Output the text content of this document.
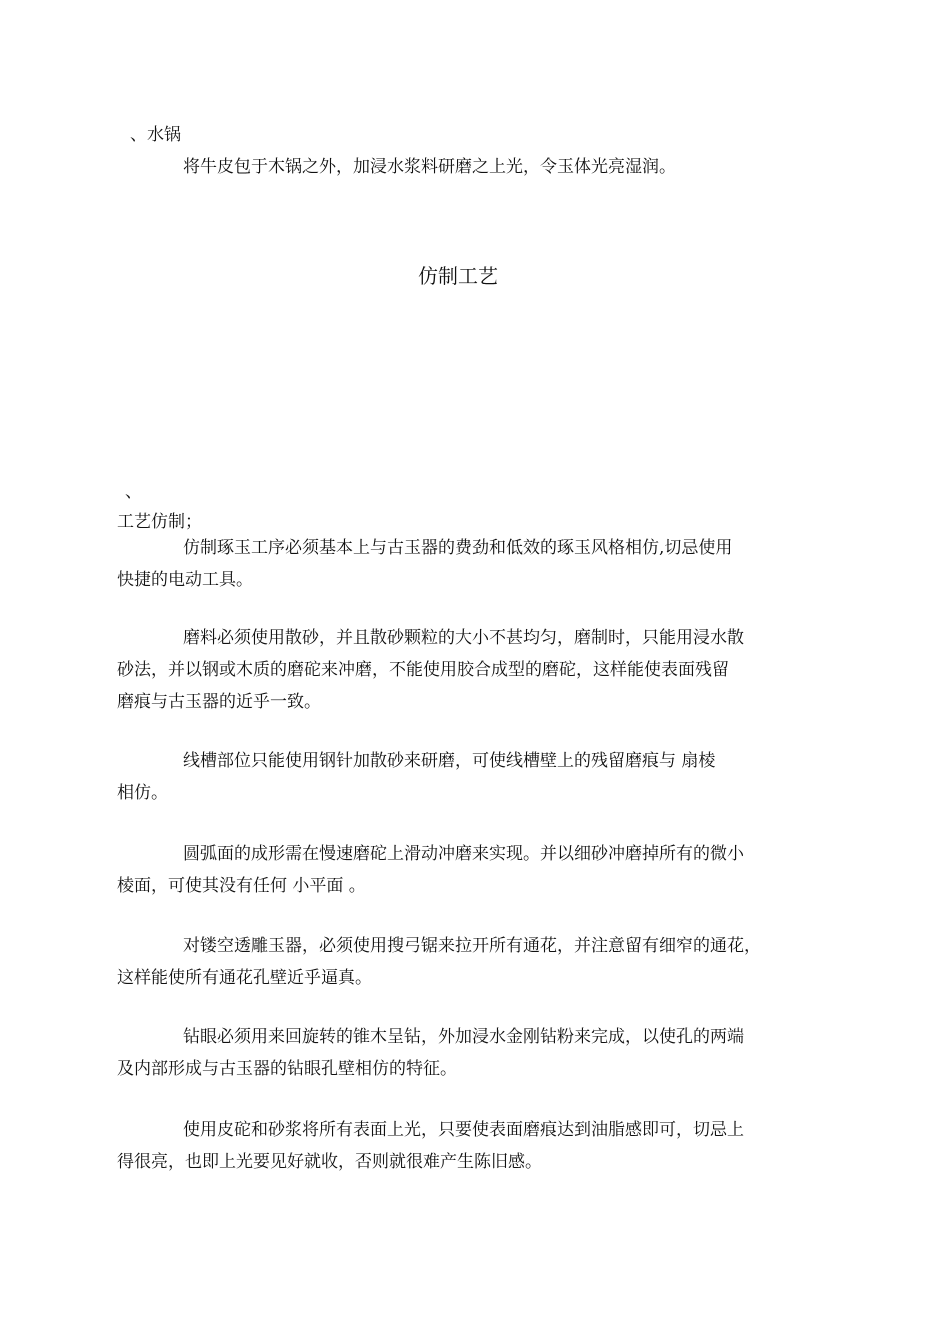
、水锅
将牛皮包于木锅之外，加浸水浆料研磨之上光，令玉体光亮湿润。
仿制工艺
、
工艺仿制；
仿制琢玉工序必须基本上与古玉器的费劲和低效的琢玉风格相仿,切忌使用
快捷的电动工具。
磨料必须使用散砂，并且散砂颗粒的大小不甚均匀，磨制时，只能用浸水散
砂法，并以钢或木质的磨砣来冲磨，不能使用胶合成型的磨砣，这样能使表面残留
磨痕与古玉器的近乎一致。
线槽部位只能使用钢针加散砂来研磨，可使线槽壁上的残留磨痕与 扇棱
相仿。
圆弧面的成形需在慢速磨砣上滑动冲磨来实现。并以细砂冲磨掉所有的微小
棱面，可使其没有任何 小平面 。
对镂空透雕玉器，必须使用搜弓锯来拉开所有通花，并注意留有细窄的通花，
这样能使所有通花孔壁近乎逼真。
钻眼必须用来回旋转的锥木呈钻，外加浸水金刚钻粉来完成，以使孔的两端
及内部形成与古玉器的钻眼孔壁相仿的特征。
使用皮砣和砂浆将所有表面上光，只要使表面磨痕达到油脂感即可，切忌上
得很亮，也即上光要见好就收，否则就很难产生陈旧感。
